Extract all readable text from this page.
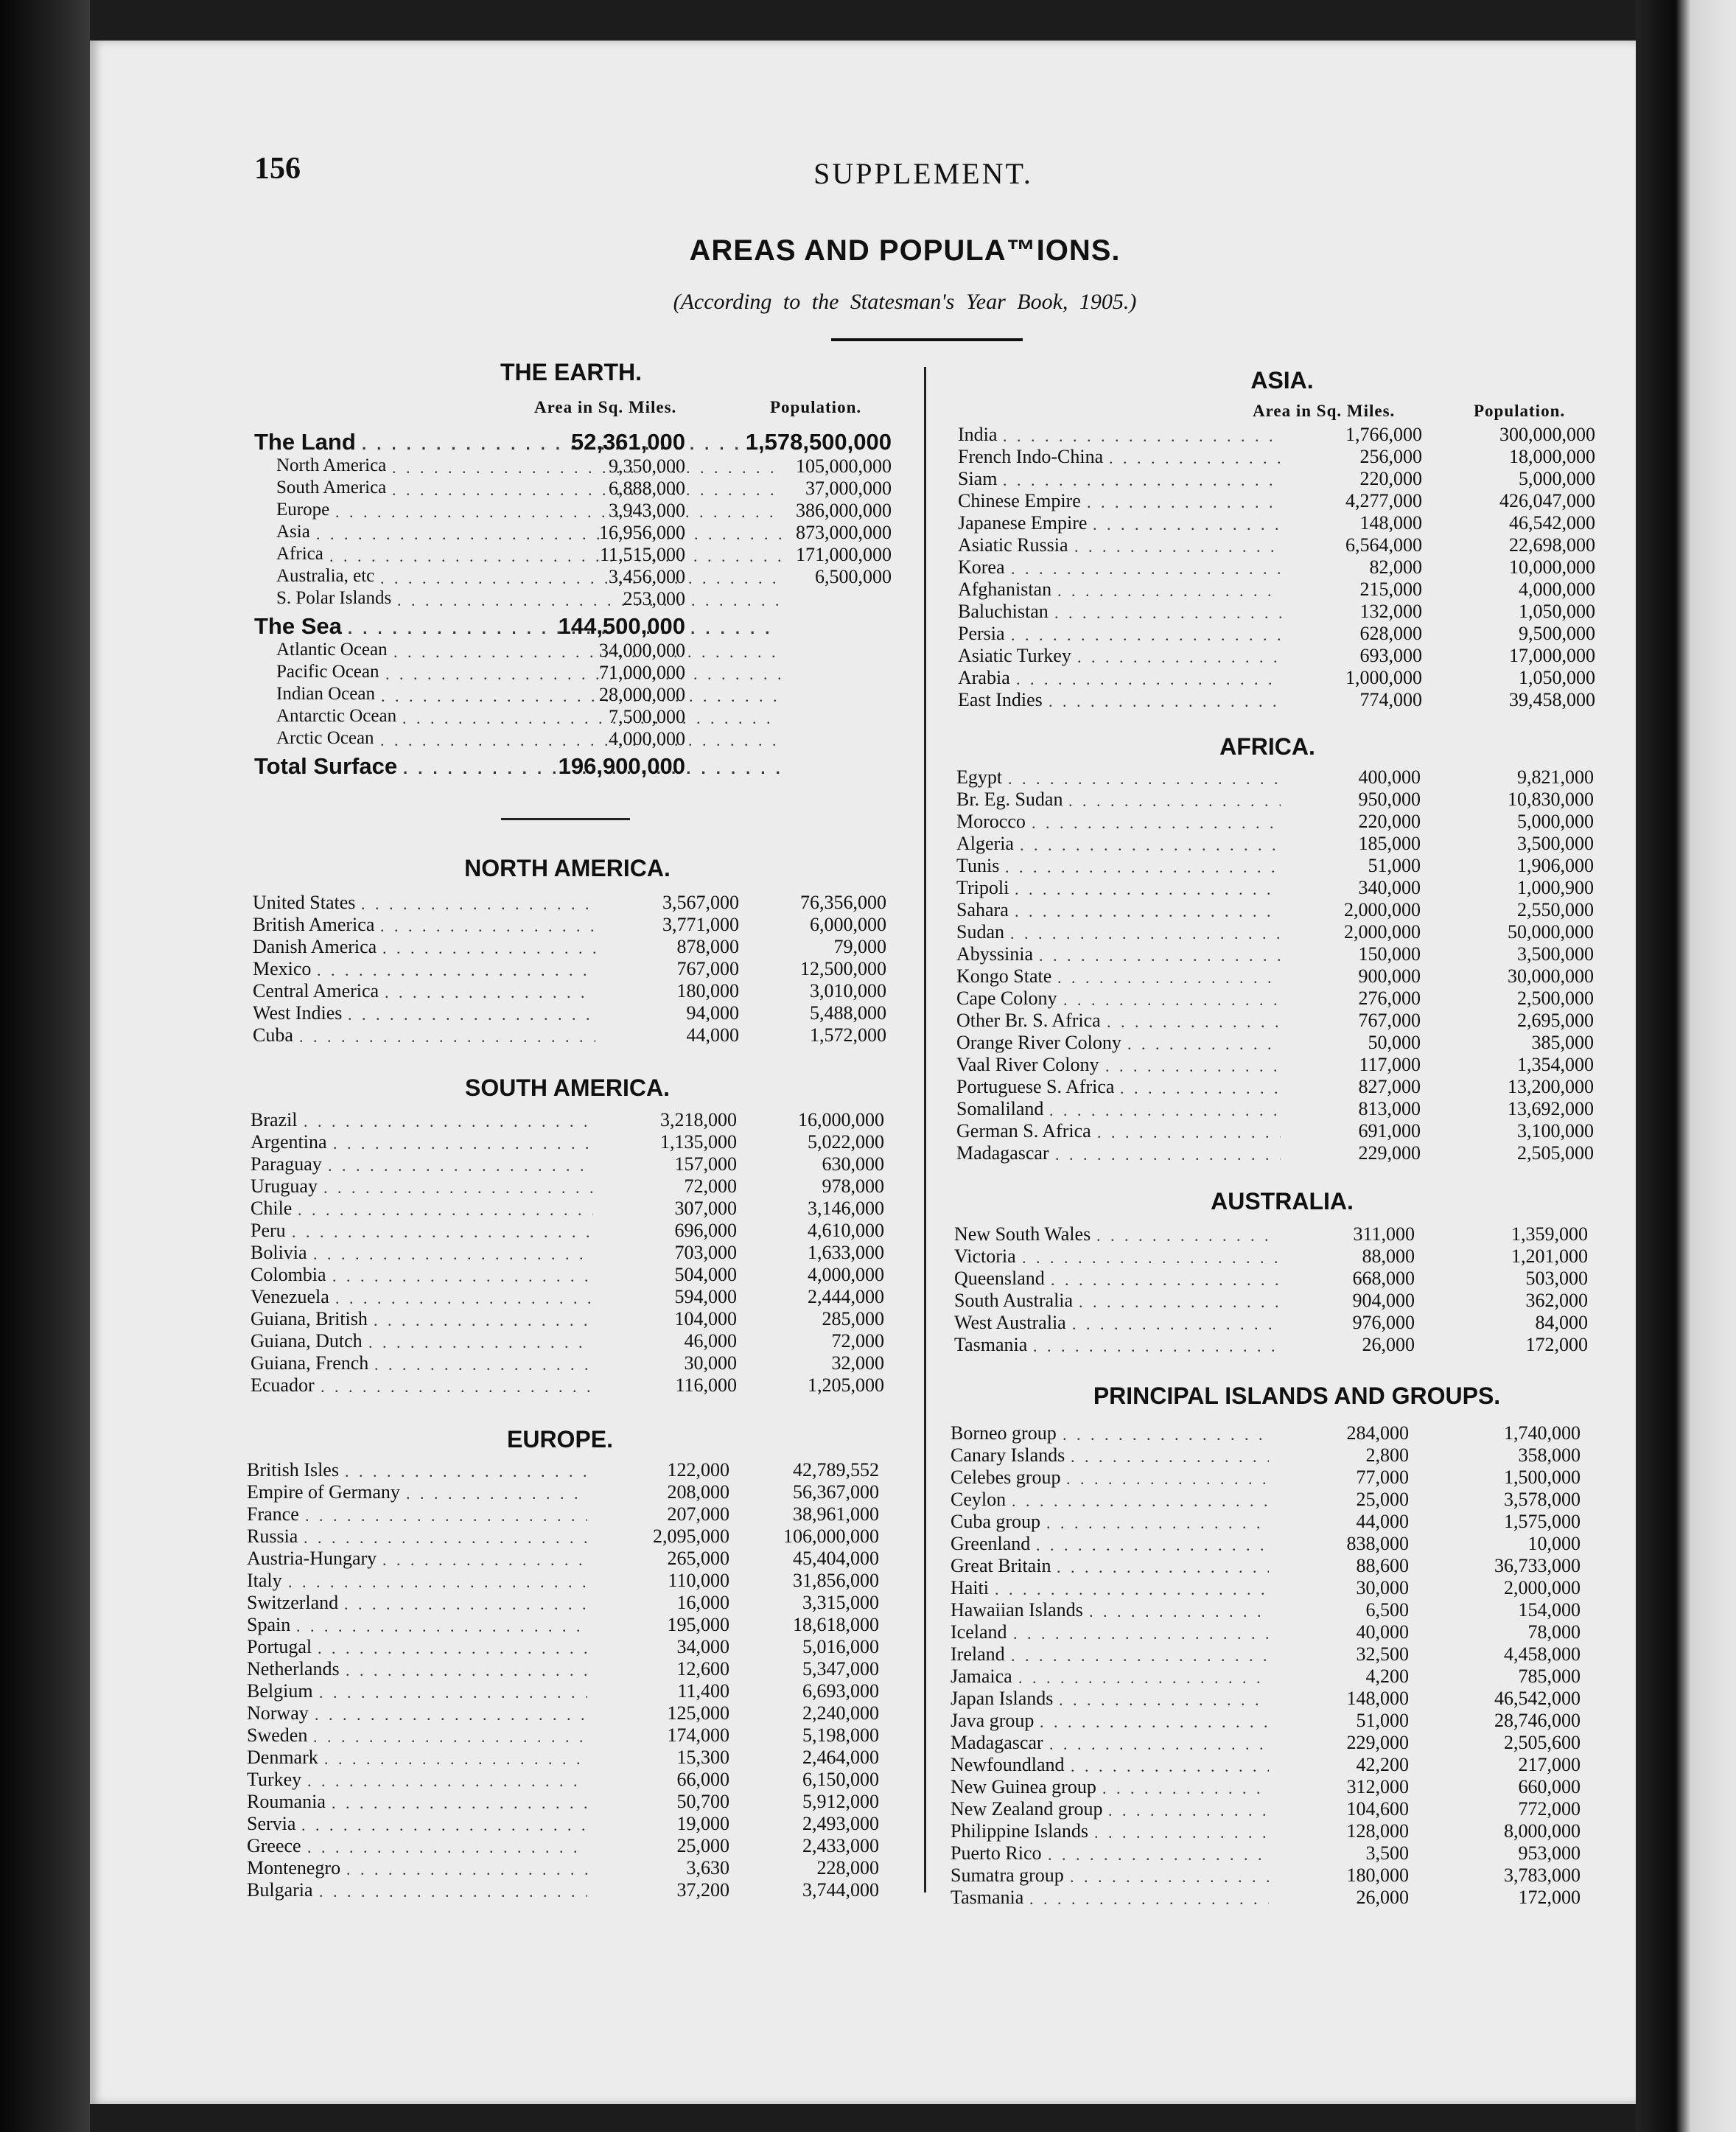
156	SUPPLEMENT.
AREAS AND POPULA™IONS.
(According to the Statesman's Year Book, 1905.)
THE EARTH.
Area in Sq. Miles.	Population.
The Land . . .	52,361,000	1,578,500,000
North America . . .	9,350,000	105,000,000
South America . . .	6,888,000	37,000,000
Europe . . .	3,943,000	386,000,000
Asia . . .	16,956,000	873,000,000
Africa . . .	11,515,000	171,000,000
Australia, etc . . .	3,456,000	6,500,000
S. Polar Islands . . .	253,000
The Sea . . .	144,500,000
Atlantic Ocean . . .	34,000,000
Pacific Ocean . . .	71,000,000
Indian Ocean . . .	28,000,000
Antarctic Ocean . . .	7,500,000
Arctic Ocean . . .	4,000,000
Total Surface . . .	196,900,000
NORTH AMERICA.
United States . . .	3,567,000	76,356,000
British America . . .	3,771,000	6,000,000
Danish America . . .	878,000	79,000
Mexico . . .	767,000	12,500,000
Central America . . .	180,000	3,010,000
West Indies . . .	94,000	5,488,000
Cuba . . .	44,000	1,572,000
SOUTH AMERICA.
Brazil . . .	3,218,000	16,000,000
Argentina . . .	1,135,000	5,022,000
Paraguay . . .	157,000	630,000
Uruguay . . .	72,000	978,000
Chile . . .	307,000	3,146,000
Peru . . .	696,000	4,610,000
Bolivia . . .	703,000	1,633,000
Colombia . . .	504,000	4,000,000
Venezuela . . .	594,000	2,444,000
Guiana, British . . .	104,000	285,000
Guiana, Dutch . . .	46,000	72,000
Guiana, French . . .	30,000	32,000
Ecuador . . .	116,000	1,205,000
EUROPE.
British Isles . . .	122,000	42,789,552
Empire of Germany . . .	208,000	56,367,000
France . . .	207,000	38,961,000
Russia . . .	2,095,000	106,000,000
Austria-Hungary . . .	265,000	45,404,000
Italy . . .	110,000	31,856,000
Switzerland . . .	16,000	3,315,000
Spain . . .	195,000	18,618,000
Portugal . . .	34,000	5,016,000
Netherlands . . .	12,600	5,347,000
Belgium . . .	11,400	6,693,000
Norway . . .	125,000	2,240,000
Sweden . . .	174,000	5,198,000
Denmark . . .	15,300	2,464,000
Turkey . . .	66,000	6,150,000
Roumania . . .	50,700	5,912,000
Servia . . .	19,000	2,493,000
Greece . . .	25,000	2,433,000
Montenegro . . .	3,630	228,000
Bulgaria . . .	37,200	3,744,000
ASIA.
Area in Sq. Miles.	Population.
India . . .	1,766,000	300,000,000
French Indo-China . . .	256,000	18,000,000
Siam . . .	220,000	5,000,000
Chinese Empire . . .	4,277,000	426,047,000
Japanese Empire . . .	148,000	46,542,000
Asiatic Russia . . .	6,564,000	22,698,000
Korea . . .	82,000	10,000,000
Afghanistan . . .	215,000	4,000,000
Baluchistan . . .	132,000	1,050,000
Persia . . .	628,000	9,500,000
Asiatic Turkey . . .	693,000	17,000,000
Arabia . . .	1,000,000	1,050,000
East Indies . . .	774,000	39,458,000
AFRICA.
Egypt . . .	400,000	9,821,000
Br. Eg. Sudan . . .	950,000	10,830,000
Morocco . . .	220,000	5,000,000
Algeria . . .	185,000	3,500,000
Tunis . . .	51,000	1,906,000
Tripoli . . .	340,000	1,000,900
Sahara . . .	2,000,000	2,550,000
Sudan . . .	2,000,000	50,000,000
Abyssinia . . .	150,000	3,500,000
Kongo State . . .	900,000	30,000,000
Cape Colony . . .	276,000	2,500,000
Other Br. S. Africa . . .	767,000	2,695,000
Orange River Colony . . .	50,000	385,000
Vaal River Colony . . .	117,000	1,354,000
Portuguese S. Africa . . .	827,000	13,200,000
Somaliland . . .	813,000	13,692,000
German S. Africa . . .	691,000	3,100,000
Madagascar . . .	229,000	2,505,000
AUSTRALIA.
New South Wales . . .	311,000	1,359,000
Victoria . . .	88,000	1,201,000
Queensland . . .	668,000	503,000
South Australia . . .	904,000	362,000
West Australia . . .	976,000	84,000
Tasmania . . .	26,000	172,000
PRINCIPAL ISLANDS AND GROUPS.
Borneo group . . .	284,000	1,740,000
Canary Islands . . .	2,800	358,000
Celebes group . . .	77,000	1,500,000
Ceylon . . .	25,000	3,578,000
Cuba group . . .	44,000	1,575,000
Greenland . . .	838,000	10,000
Great Britain . . .	88,600	36,733,000
Haiti . . .	30,000	2,000,000
Hawaiian Islands . . .	6,500	154,000
Iceland . . .	40,000	78,000
Ireland . . .	32,500	4,458,000
Jamaica . . .	4,200	785,000
Japan Islands . . .	148,000	46,542,000
Java group . . .	51,000	28,746,000
Madagascar . . .	229,000	2,505,600
Newfoundland . . .	42,200	217,000
New Guinea group . . .	312,000	660,000
New Zealand group . . .	104,600	772,000
Philippine Islands . . .	128,000	8,000,000
Puerto Rico . . .	3,500	953,000
Sumatra group . . .	180,000	3,783,000
Tasmania . . .	26,000	172,000
